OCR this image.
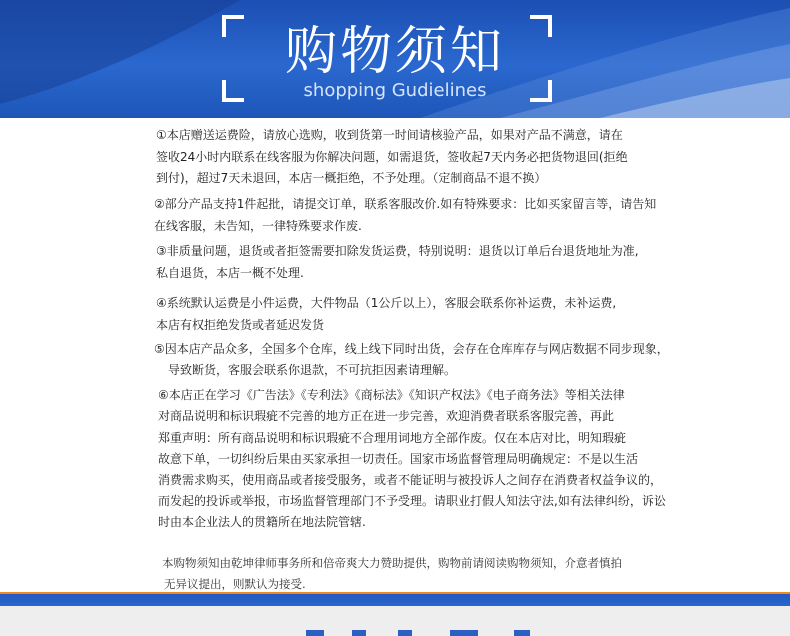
购物须知
shopping Gudielines
①本店赠送运费险，请放心选购，收到货第一时间请核验产品，如果对产品不满意，请在
签收24小时内联系在线客服为你解决问题，如需退货，签收起7天内务必把货物退回(拒绝
到付)，超过7天未退回，本店一概拒绝，不予处理。（定制商品不退不换）
②部分产品支持1件起批，请提交订单，联系客服改价.如有特殊要求：比如买家留言等，请告知
在线客服，未告知，一律特殊要求作废.
③非质量问题，退货或者拒签需要扣除发货运费，特别说明：退货以订单后台退货地址为准,
私自退货，本店一概不处理.
④系统默认运费是小件运费，大件物品（1公斤以上），客服会联系你补运费，未补运费,
本店有权拒绝发货或者延迟发货
⑤因本店产品众多，全国多个仓库，线上线下同时出货，会存在仓库库存与网店数据不同步现象，
导致断货，客服会联系你退款，不可抗拒因素请理解。
⑥本店正在学习《广告法》《专利法》《商标法》《知识产权法》《电子商务法》等相关法律
对商品说明和标识瑕疵不完善的地方正在进一步完善，欢迎消费者联系客服完善，再此
郑重声明：所有商品说明和标识瑕疵不合理用词地方全部作废。仅在本店对比，明知瑕疵
故意下单，一切纠纷后果由买家承担一切责任。国家市场监督管理局明确规定：不是以生活
消费需求购买，使用商品或者接受服务，或者不能证明与被投诉人之间存在消费者权益争议的，
而发起的投诉或举报，市场监督管理部门不予受理。请职业打假人知法守法,如有法律纠纷，诉讼
时由本企业法人的贯籍所在地法院管辖.
本购物须知由乾坤律师事务所和倍帝爽大力赞助提供，购物前请阅读购物须知，介意者慎拍
无异议提出，则默认为接受.
